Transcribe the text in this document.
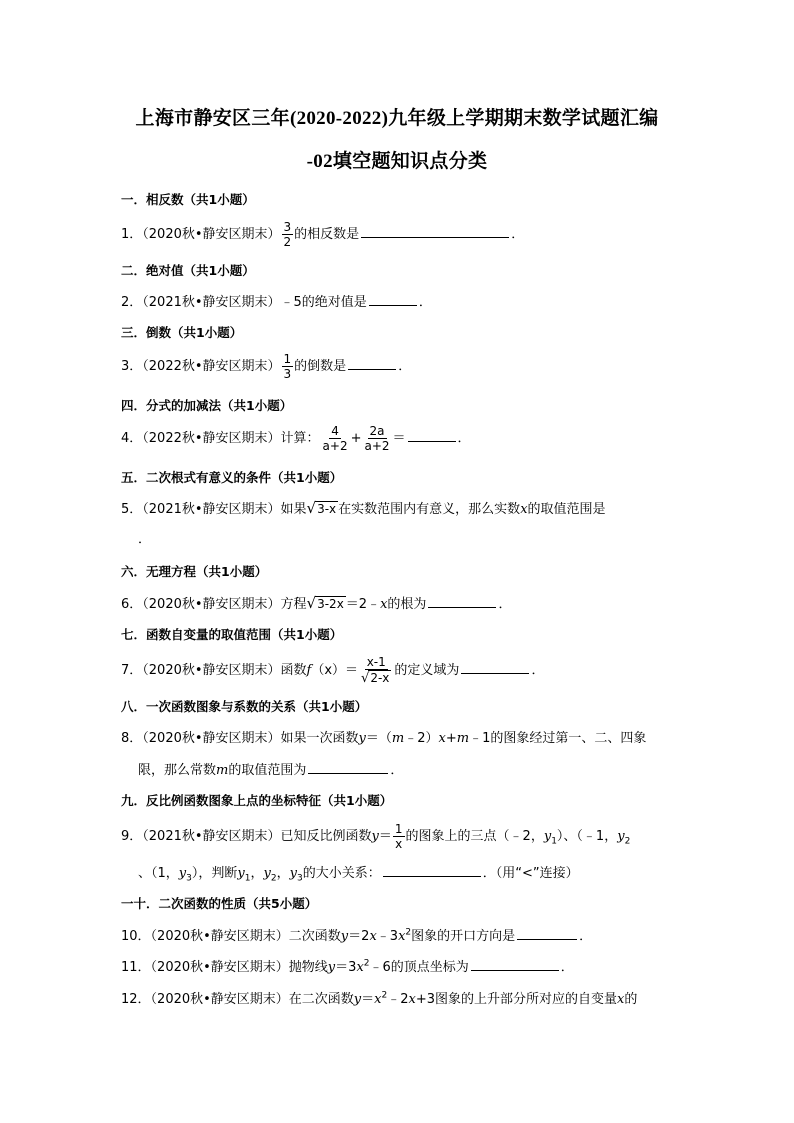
上海市静安区三年(2020-2022)九年级上学期期末数学试题汇编
-02填空题知识点分类
一．相反数（共1小题）
1．（2020秋•静安区期末） $\frac{3}{2}$ 的相反数是	．
二．绝对值（共1小题）
2．（2021秋•静安区期末）﹣5的绝对值是	．
三．倒数（共1小题）
3．（2022秋•静安区期末） $\frac{1}{3}$ 的倒数是	．
四．分式的加减法（共1小题）
4．（2022秋•静安区期末）计算： $\frac{4}{a+2} + \frac{2a}{a+2}$ ＝	．
五．二次根式有意义的条件（共1小题）
5．（2021秋•静安区期末）如果√3-x 在实数范围内有意义，那么实数x的取值范围是
．
六．无理方程（共1小题）
6．（2020秋•静安区期末）方程√3-2x ＝2﹣x的根为	．
七．函数自变量的取值范围（共1小题）
7．（2020秋•静安区期末）函数$f(x)= \frac{x-1}{√2-x}$ 的定义域为	．
八．一次函数图象与系数的关系（共1小题）
8．（2020秋•静安区期末）如果一次函数y＝（m﹣2）x+m﹣1的图象经过第一、二、四象
限，那么常数m的取值范围为	．
九．反比例函数图象上点的坐标特征（共1小题）
9．（2021秋•静安区期末）已知反比例函数$y= \frac{1}{x}$ 的图象上的三点（﹣2，$y_1$）、（﹣1，$y_2$
、（1，$y_3$），判断$y_1$，$y_2$，$y_3$的大小关系：	．（用“<”连接）
一十．二次函数的性质（共5小题）
10．（2020秋•静安区期末）二次函数$y=2x﹣3x^2$图象的开口方向是	．
11．（2020秋•静安区期末）抛物线$y=3x^2﹣6$的顶点坐标为	．
12．（2020秋•静安区期末）在二次函数$y=x^2﹣2x+3$图象的上升部分所对应的自变量x的
